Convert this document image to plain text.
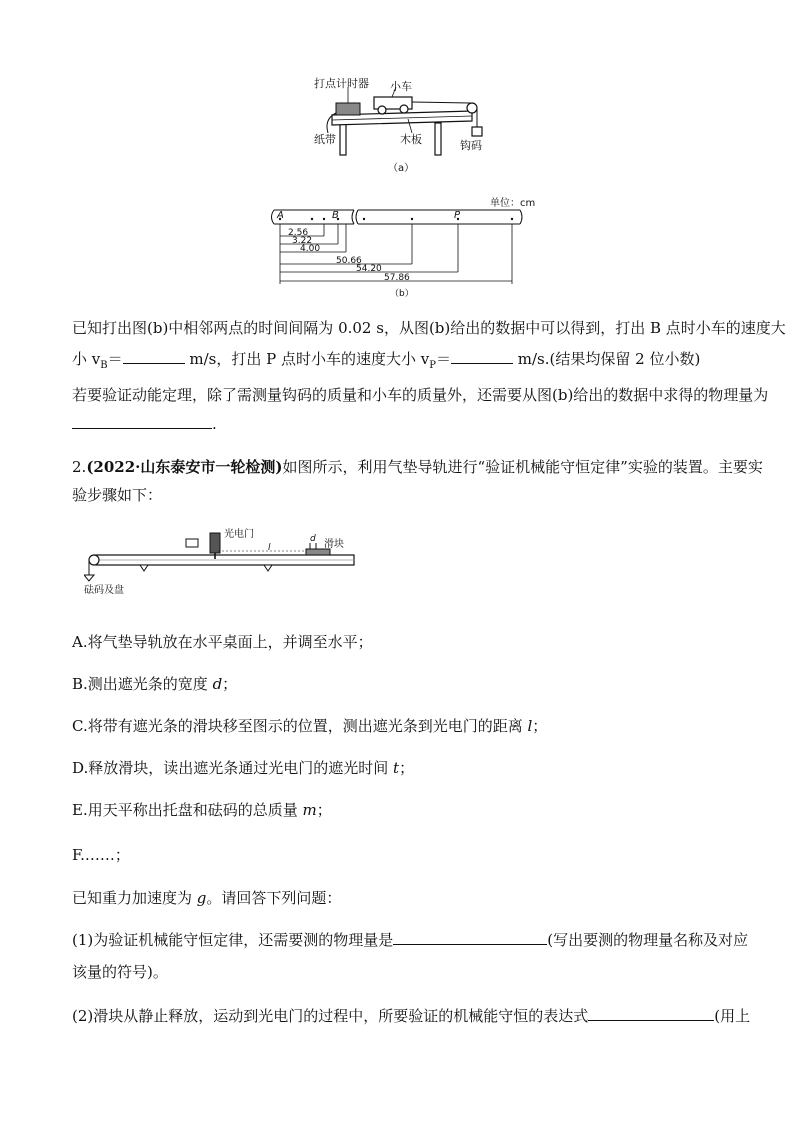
打点计时器 小车
纸带	木板	钩码
（a）
单位：cm
A	B	P
2.56
3.22
4.00
50.66
54.20
57.86
（b）
已知打出图(b)中相邻两点的时间间隔为 0.02 s，从图(b)给出的数据中可以得到，打出 B 点时小车的速度大
小 $v_B=$	m/s，打出 P 点时小车的速度大小 $v_P=$	m/s.(结果均保留 2 位小数)
若要验证动能定理，除了需测量钩码的质量和小车的质量外，还需要从图(b)给出的数据中求得的物理量为
.
2.(2022·山东泰安市一轮检测)如图所示，利用气垫导轨进行“验证机械能守恒定律”实验的装置。主要实
验步骤如下：
光电门	d 滑块
l
砝码及盘
A.将气垫导轨放在水平桌面上，并调至水平；
B.测出遮光条的宽度 d；
C.将带有遮光条的滑块移至图示的位置，测出遮光条到光电门的距离 l；
D.释放滑块，读出遮光条通过光电门的遮光时间 t；
E.用天平称出托盘和砝码的总质量 m；
F.……；
已知重力加速度为 g。请回答下列问题：
(1)为验证机械能守恒定律，还需要测的物理量是	(写出要测的物理量名称及对应
该量的符号)。
(2)滑块从静止释放，运动到光电门的过程中，所要验证的机械能守恒的表达式	(用上
